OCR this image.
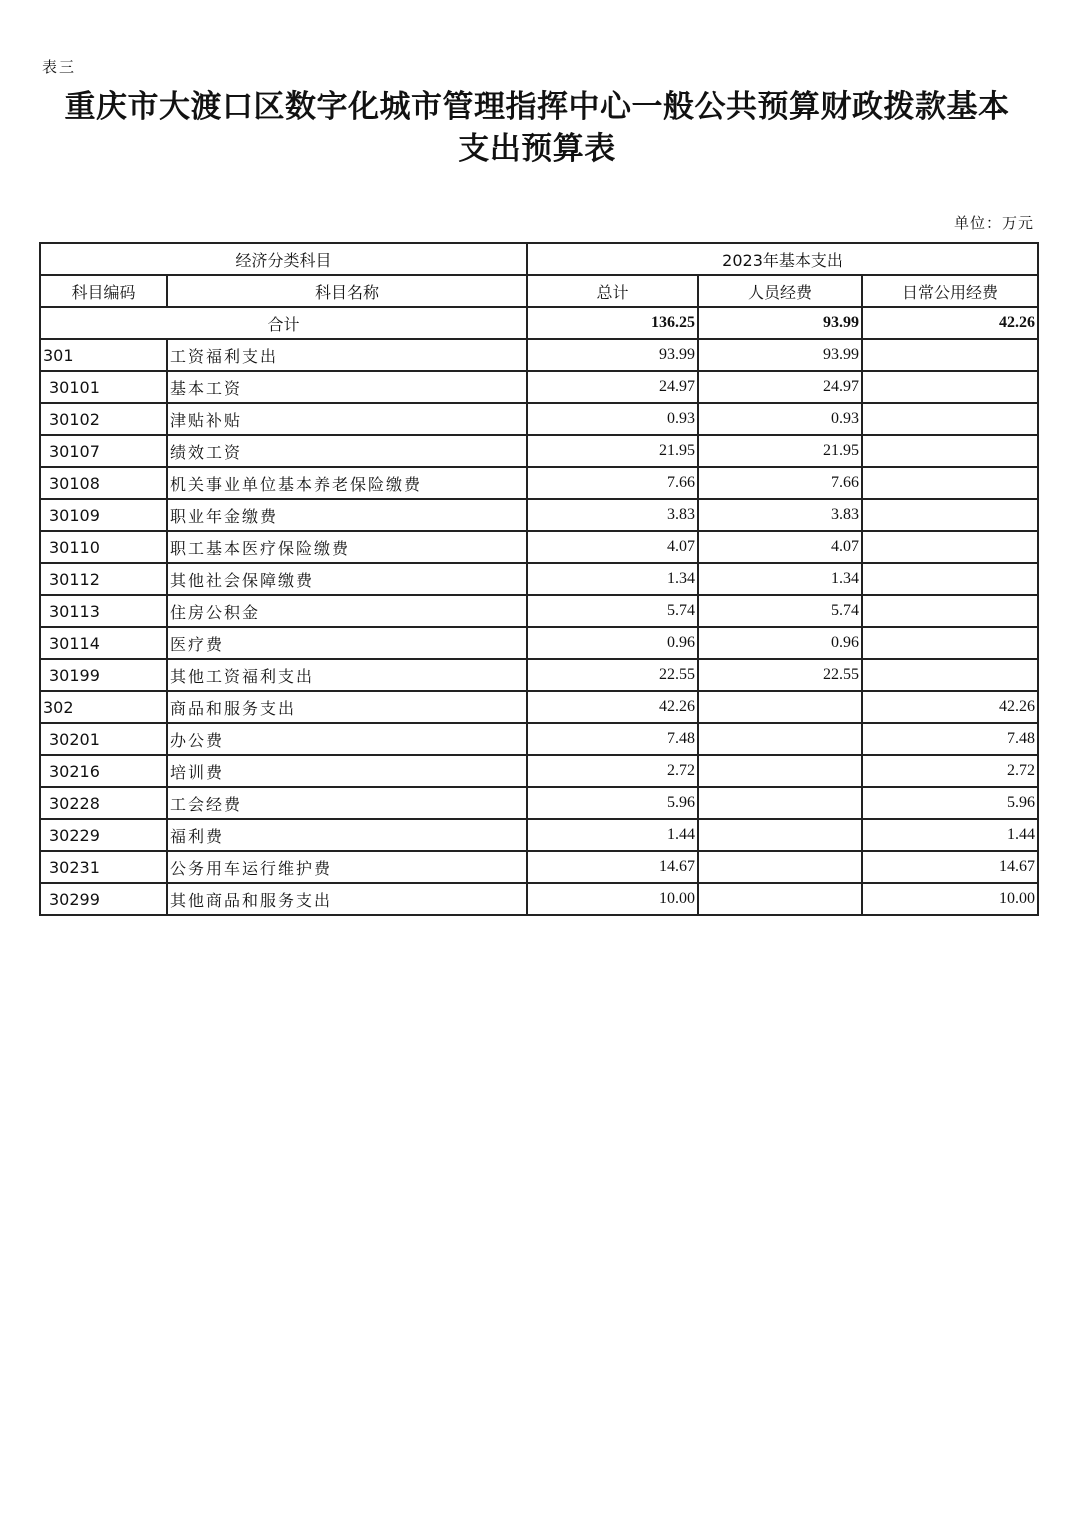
表三
重庆市大渡口区数字化城市管理指挥中心一般公共预算财政拨款基本
支出预算表
单位：万元
经济分类科目		2023年基本支出		
科目编码	科目名称	总计	人员经费	日常公用经费
合计		136.25	93.99	42.26
301	工资福利支出	93.99	93.99	
30101	基本工资	24.97	24.97	
30102	津贴补贴	0.93	0.93	
30107	绩效工资	21.95	21.95	
30108	机关事业单位基本养老保险缴费	7.66	7.66	
30109	职业年金缴费	3.83	3.83	
30110	职工基本医疗保险缴费	4.07	4.07	
30112	其他社会保障缴费	1.34	1.34	
30113	住房公积金	5.74	5.74	
30114	医疗费	0.96	0.96	
30199	其他工资福利支出	22.55	22.55	
302	商品和服务支出	42.26		42.26
30201	办公费	7.48		7.48
30216	培训费	2.72		2.72
30228	工会经费	5.96		5.96
30229	福利费	1.44		1.44
30231	公务用车运行维护费	14.67		14.67
30299	其他商品和服务支出	10.00		10.00
